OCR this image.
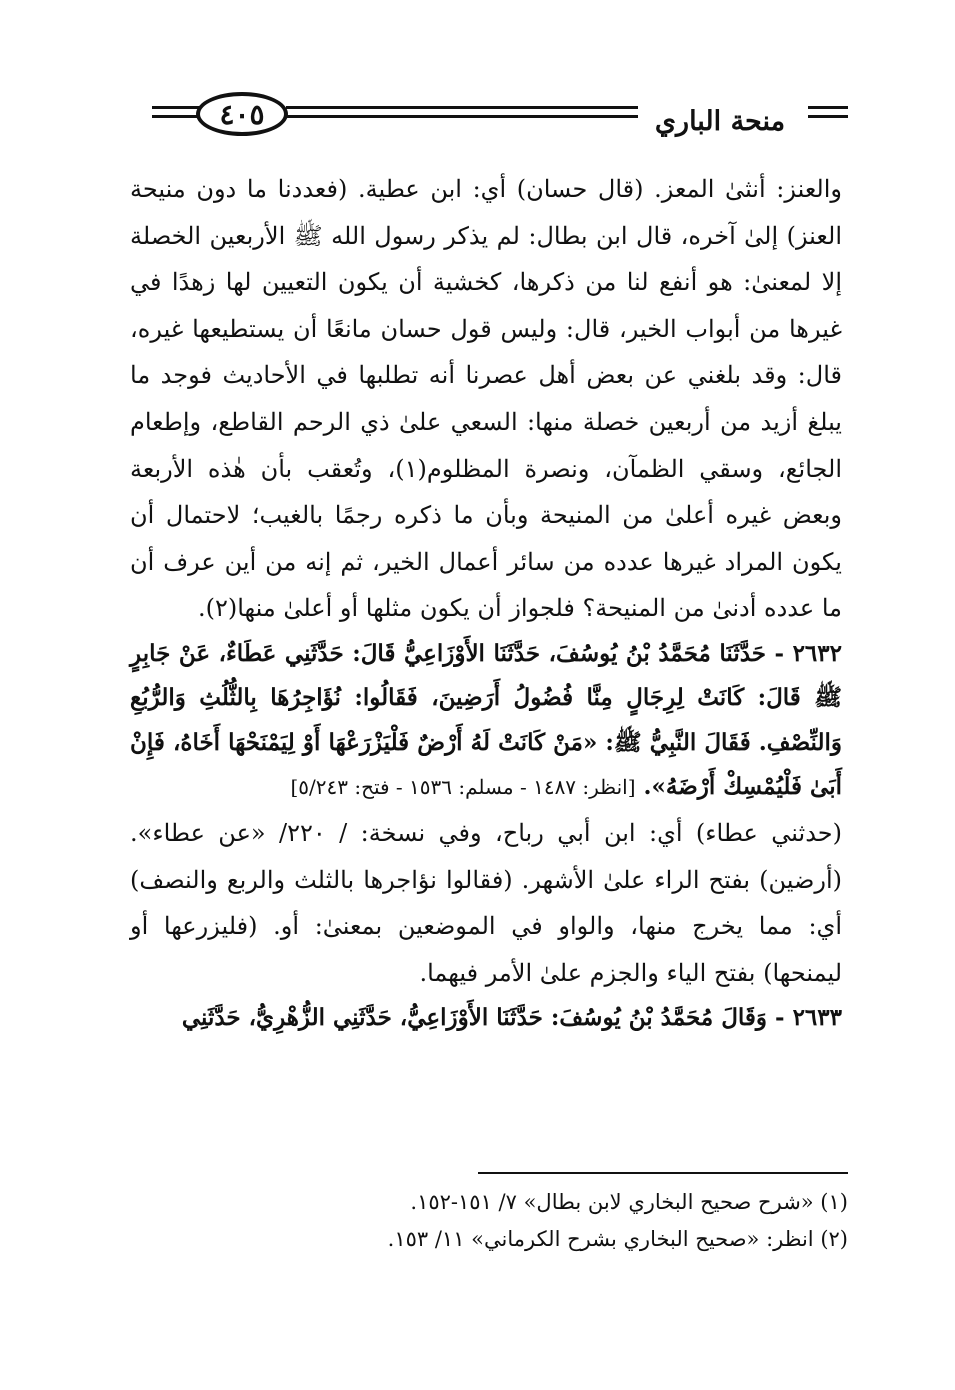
٤٠٥	منحة الباري

والعنز: أنثىٰ المعز. (قال حسان) أي: ابن عطية. (فعددنا ما دون منيحة العنز) إلىٰ آخره، قال ابن بطال: لم يذكر رسول الله ﷺ الأربعين الخصلة إلا لمعنىٰ: هو أنفع لنا من ذكرها، كخشية أن يكون التعيين لها زهدًا في غيرها من أبواب الخير، قال: وليس قول حسان مانعًا أن يستطيعها غيره، قال: وقد بلغني عن بعض أهل عصرنا أنه تطلبها في الأحاديث فوجد ما يبلغ أزيد من أربعين خصلة منها: السعي علىٰ ذي الرحم القاطع، وإطعام الجائع، وسقي الظمآن، ونصرة المظلوم(١)، وتُعقب بأن هٰذه الأربعة وبعض غيره أعلىٰ من المنيحة وبأن ما ذكره رجمًا بالغيب؛ لاحتمال أن يكون المراد غيرها عدده من سائر أعمال الخير، ثم إنه من أين عرف أن ما عدده أدنىٰ من المنيحة؟ فلجواز أن يكون مثلها أو أعلىٰ منها(٢).

٢٦٣٢ - حَدَّثَنَا مُحَمَّدُ بْنُ يُوسُفَ، حَدَّثَنَا الأَوْزَاعِيُّ قَالَ: حَدَّثَنِي عَطَاءٌ، عَنْ جَابِرٍ ﷺ قَالَ: كَانَتْ لِرِجَالٍ مِنَّا فُضُولُ أَرَضِينَ، فَقَالُوا: نُؤَاجِرُهَا بِالثُّلُثِ وَالرُّبُعِ وَالنِّصْفِ. فَقَالَ النَّبِيُّ ﷺ: «مَنْ كَانَتْ لَهُ أَرْضٌ فَلْيَزْرَعْهَا أَوْ لِيَمْنَحْهَا أَخَاهُ، فَإِنْ أَبَىٰ فَلْيُمْسِكْ أَرْضَهُ». [انظر: ١٤٨٧ - مسلم: ١٥٣٦ - فتح: ٥/٢٤٣]

(حدثني عطاء) أي: ابن أبي رباح، وفي نسخة: / ٢٢٠/ «عن عطاء». (أرضين) بفتح الراء علىٰ الأشهر. (فقالوا نؤاجرها بالثلث والربع والنصف) أي: مما يخرج منها، والواو في الموضعين بمعنىٰ: أو. (فليزرعها أو ليمنحها) بفتح الياء والجزم علىٰ الأمر فيهما.

٢٦٣٣ - وَقَالَ مُحَمَّدُ بْنُ يُوسُفَ: حَدَّثَنَا الأَوْزَاعِيُّ، حَدَّثَنِي الزُّهْرِيُّ، حَدَّثَنِي

(١) «شرح صحيح البخاري لابن بطال» ٧/ ١٥١-١٥٢.

(٢) انظر: «صحيح البخاري بشرح الكرماني» ١١/ ١٥٣.
